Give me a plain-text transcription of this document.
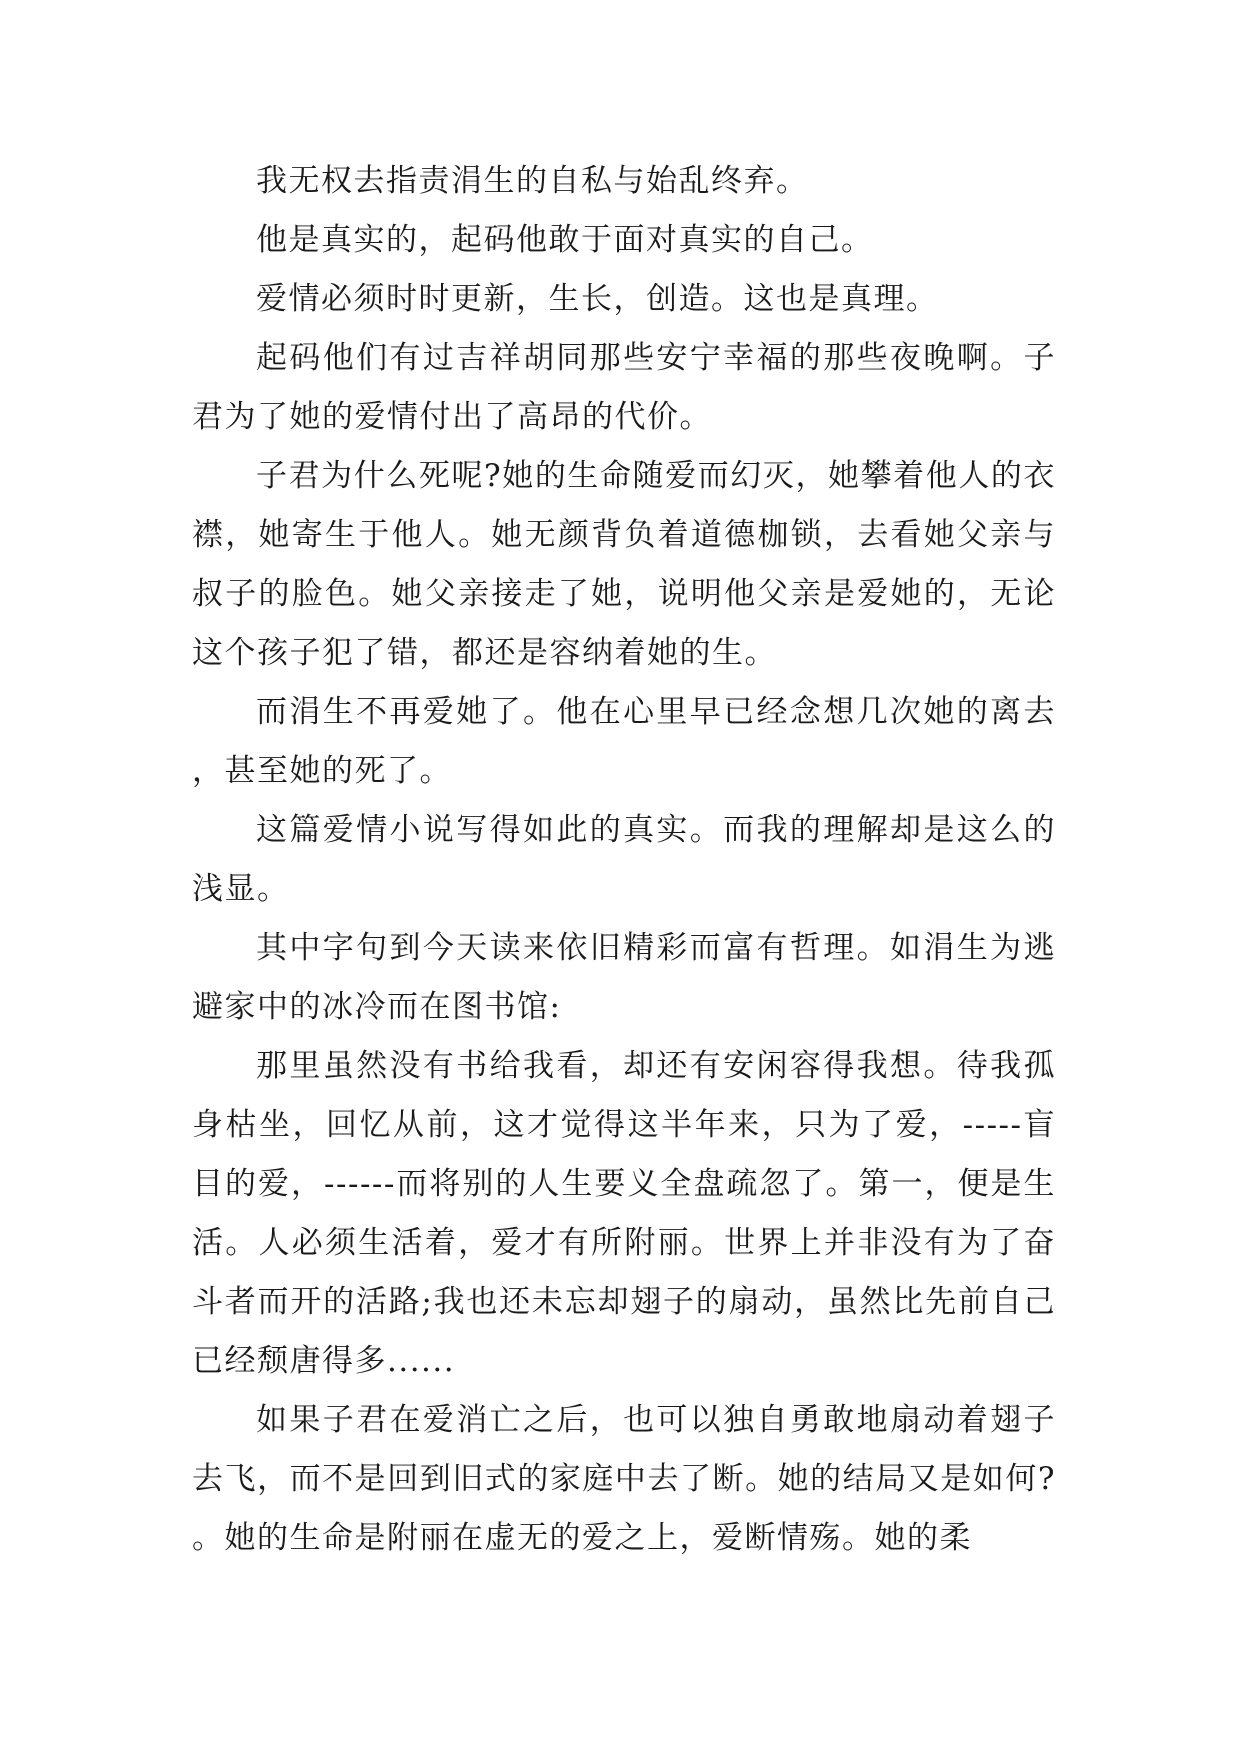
我无权去指责涓生的自私与始乱终弃。

他是真实的，起码他敢于面对真实的自己。

爱情必须时时更新，生长，创造。这也是真理。

起码他们有过吉祥胡同那些安宁幸福的那些夜晚啊。子君为了她的爱情付出了高昂的代价。

子君为什么死呢?她的生命随爱而幻灭，她攀着他人的衣襟，她寄生于他人。她无颜背负着道德枷锁，去看她父亲与叔子的脸色。她父亲接走了她，说明他父亲是爱她的，无论这个孩子犯了错，都还是容纳着她的生。

而涓生不再爱她了。他在心里早已经念想几次她的离去，甚至她的死了。

这篇爱情小说写得如此的真实。而我的理解却是这么的浅显。

其中字句到今天读来依旧精彩而富有哲理。如涓生为逃避家中的冰冷而在图书馆:

那里虽然没有书给我看，却还有安闲容得我想。待我孤身枯坐，回忆从前，这才觉得这半年来，只为了爱，-----盲目的爱，------而将别的人生要义全盘疏忽了。第一，便是生活。人必须生活着，爱才有所附丽。世界上并非没有为了奋斗者而开的活路;我也还未忘却翅子的扇动，虽然比先前自己已经颓唐得多......

如果子君在爱消亡之后，也可以独自勇敢地扇动着翅子去飞，而不是回到旧式的家庭中去了断。她的结局又是如何?。她的生命是附丽在虚无的爱之上，爱断情殇。她的柔
